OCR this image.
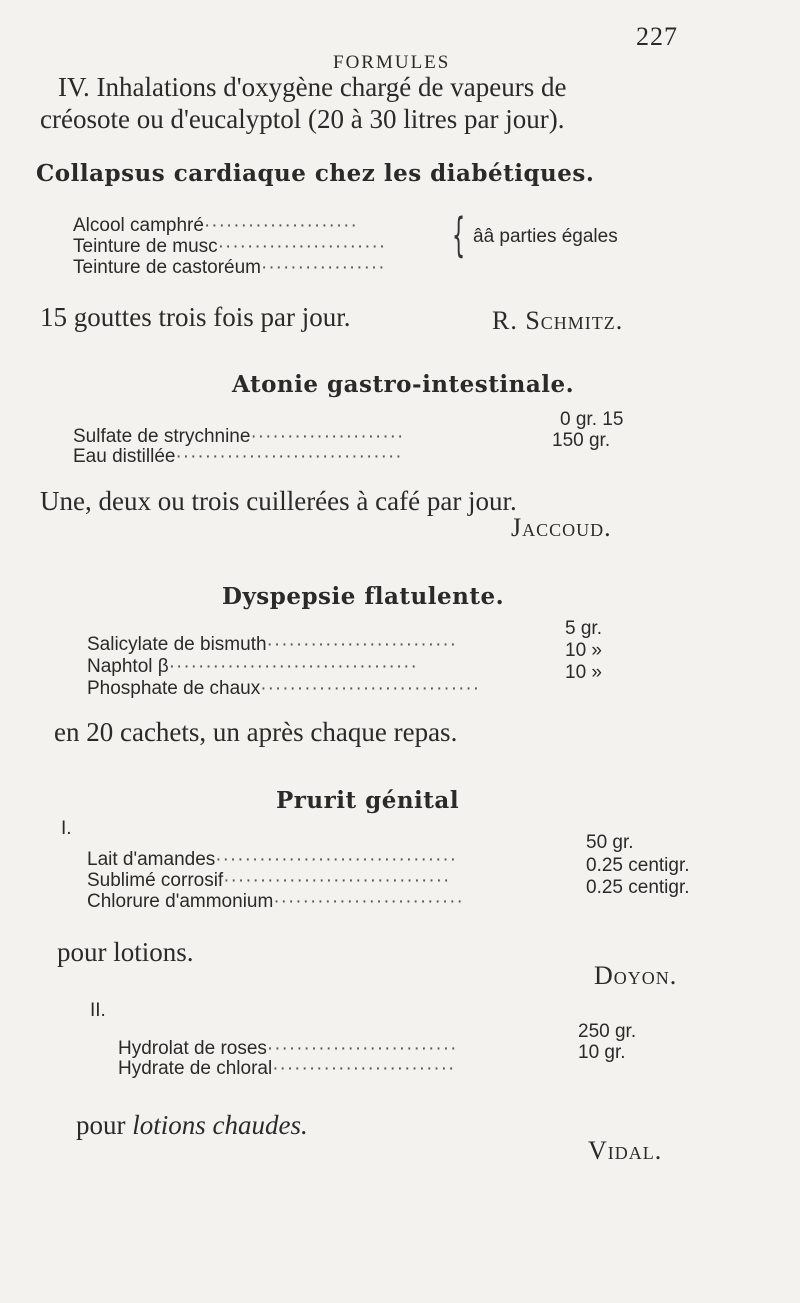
227
FORMULES
IV. Inhalations d'oxygène chargé de vapeurs de
créosote ou d'eucalyptol (20 à 30 litres par jour).
Collapsus cardiaque chez les diabétiques.
Alcool camphré·····················
Teinture de musc·······················
Teinture de castoréum·················
{ ââ parties égales
15 gouttes trois fois par jour.	R. Schmitz.
Atonie gastro-intestinale.
Sulfate de strychnine·····················
Eau distillée·······························
0 gr. 15
150 gr.
Une, deux ou trois cuillerées à café par jour.
Jaccoud.
Dyspepsie flatulente.
Salicylate de bismuth··························
Naphtol β··································
Phosphate de chaux······························
5 gr.
10 »
10 »
en 20 cachets, un après chaque repas.
Prurit génital
I.
Lait d'amandes·································
Sublimé corrosif·······························
Chlorure d'ammonium··························
50 gr.
0.25 centigr.
0.25 centigr.
pour lotions.
Doyon.
II.
Hydrolat de roses··························
Hydrate de chloral·························
250 gr.
10 gr.
pour lotions chaudes.
Vidal.
